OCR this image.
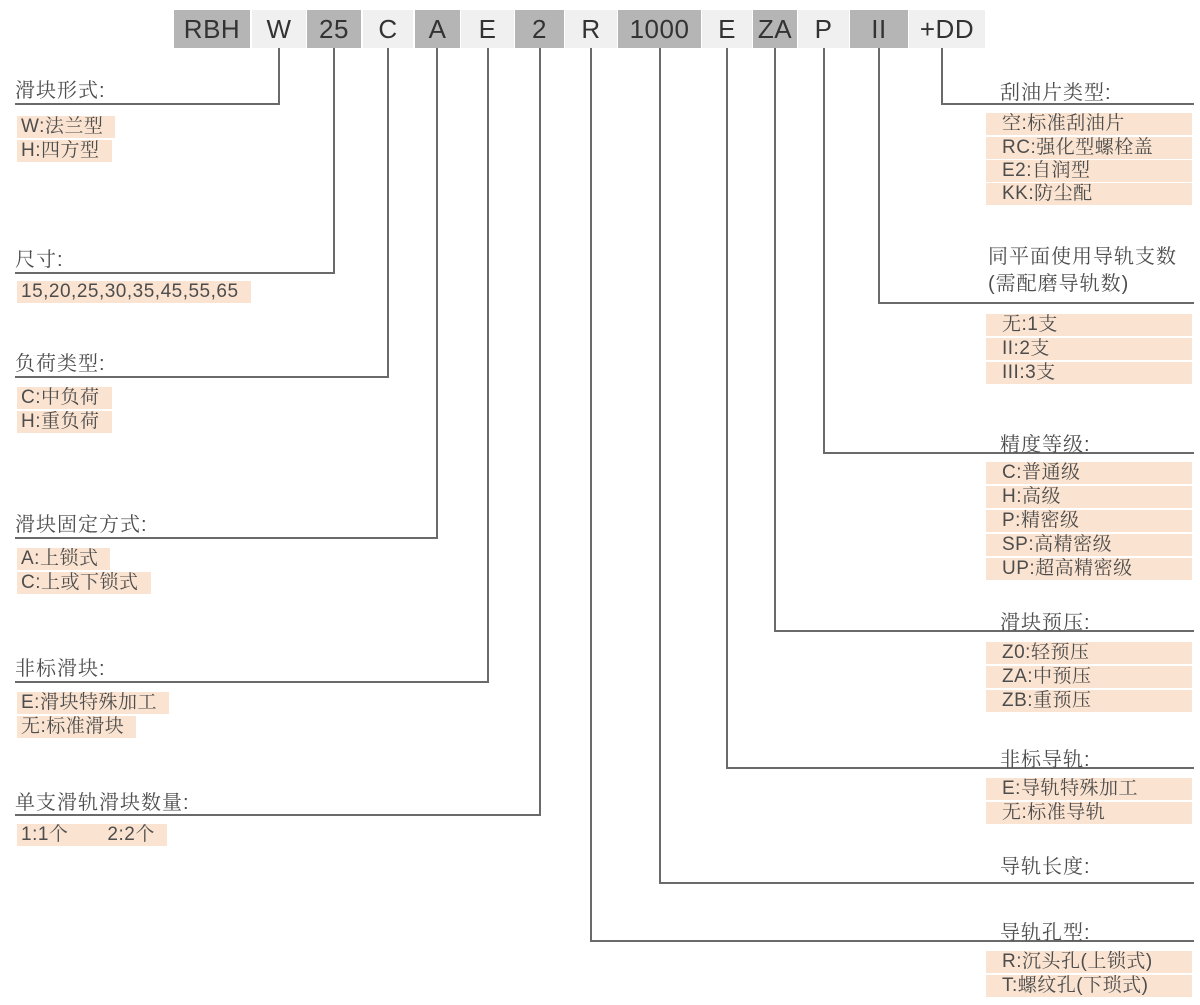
RBH	W	25	C	A	E	2	R	1000	E ZA P	II	+DD
滑块形式:
W:法兰型
H:四方型
尺寸:
15,20,25,30,35,45,55,65
负荷类型:
C:中负荷
H:重负荷
滑块固定方式:
A:上锁式
C:上或下锁式
非标滑块:
E:滑块特殊加工
无:标准滑块
单支滑轨滑块数量:
1:1个　　2:2个
刮油片类型:
空:标准刮油片
RC:强化型螺栓盖
E2:自润型
KK:防尘配
同平面使用导轨支数
(需配磨导轨数)
无:1支
II:2支
III:3支
精度等级:
C:普通级
H:高级
P:精密级
SP:高精密级
UP:超高精密级
滑块预压:
Z0:轻预压
ZA:中预压
ZB:重预压
非标导轨:
E:导轨特殊加工
无:标准导轨
导轨长度:
导轨孔型:
R:沉头孔(上锁式)
T:螺纹孔(下琐式)
